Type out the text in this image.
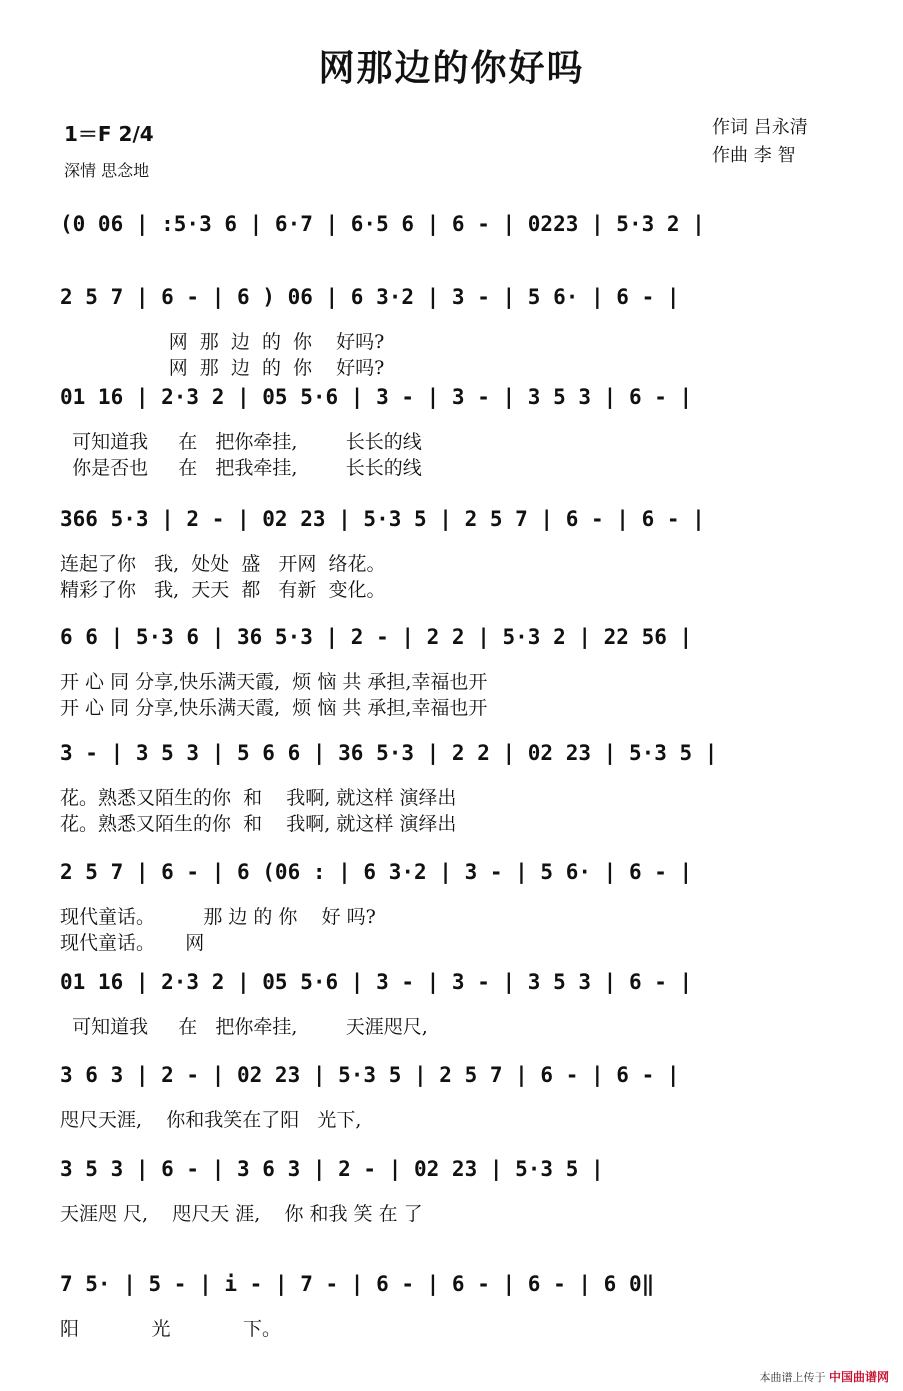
网那边的你好吗
1＝F 2/4
深情 思念地
作词 吕永清
作曲 李 智
(0 06 | :5·3 6 | 6·7 | 6·5 6 | 6 - | 0223 | 5·3 2 |
2 5 7 | 6 - | 6 ) 06 | 6 3·2 | 3 - | 5 6· | 6 - |
网  那  边  的  你    好吗?
网  那  边  的  你    好吗?
01 16 | 2·3 2 | 05 5·6 | 3 - | 3 - | 3 5 3 | 6 - |
可知道我     在   把你牵挂,        长长的线
你是否也     在   把我牵挂,        长长的线
366 5·3 | 2 - | 02 23 | 5·3 5 | 2 5 7 | 6 - | 6 - |
连起了你   我,  处处  盛   开网  络花。
精彩了你   我,  天天  都   有新  变化。
6 6 | 5·3 6 | 36 5·3 | 2 - | 2 2 | 5·3 2 | 22 56 |
开 心 同 分享,快乐满天霞,  烦 恼 共 承担,幸福也开
开 心 同 分享,快乐满天霞,  烦 恼 共 承担,幸福也开
3 - | 3 5 3 | 5 6 6 | 36 5·3 | 2 2 | 02 23 | 5·3 5 |
花。熟悉又陌生的你  和    我啊, 就这样 演绎出
花。熟悉又陌生的你  和    我啊, 就这样 演绎出
2 5 7 | 6 - | 6 (06 : | 6 3·2 | 3 - | 5 6· | 6 - |
现代童话。        那 边 的 你    好 吗?
现代童话。     网
01 16 | 2·3 2 | 05 5·6 | 3 - | 3 - | 3 5 3 | 6 - |
可知道我     在   把你牵挂,        天涯咫尺,
3 6 3 | 2 - | 02 23 | 5·3 5 | 2 5 7 | 6 - | 6 - |
咫尺天涯,    你和我笑在了阳   光下,
3 5 3 | 6 - | 3 6 3 | 2 - | 02 23 | 5·3 5 |
天涯咫 尺,    咫尺天 涯,    你 和我 笑 在 了
7 5· | 5 - | i - | 7 - | 6 - | 6 - | 6 - | 6 0‖
阳            光            下。
本曲谱上传于 中国曲谱网
